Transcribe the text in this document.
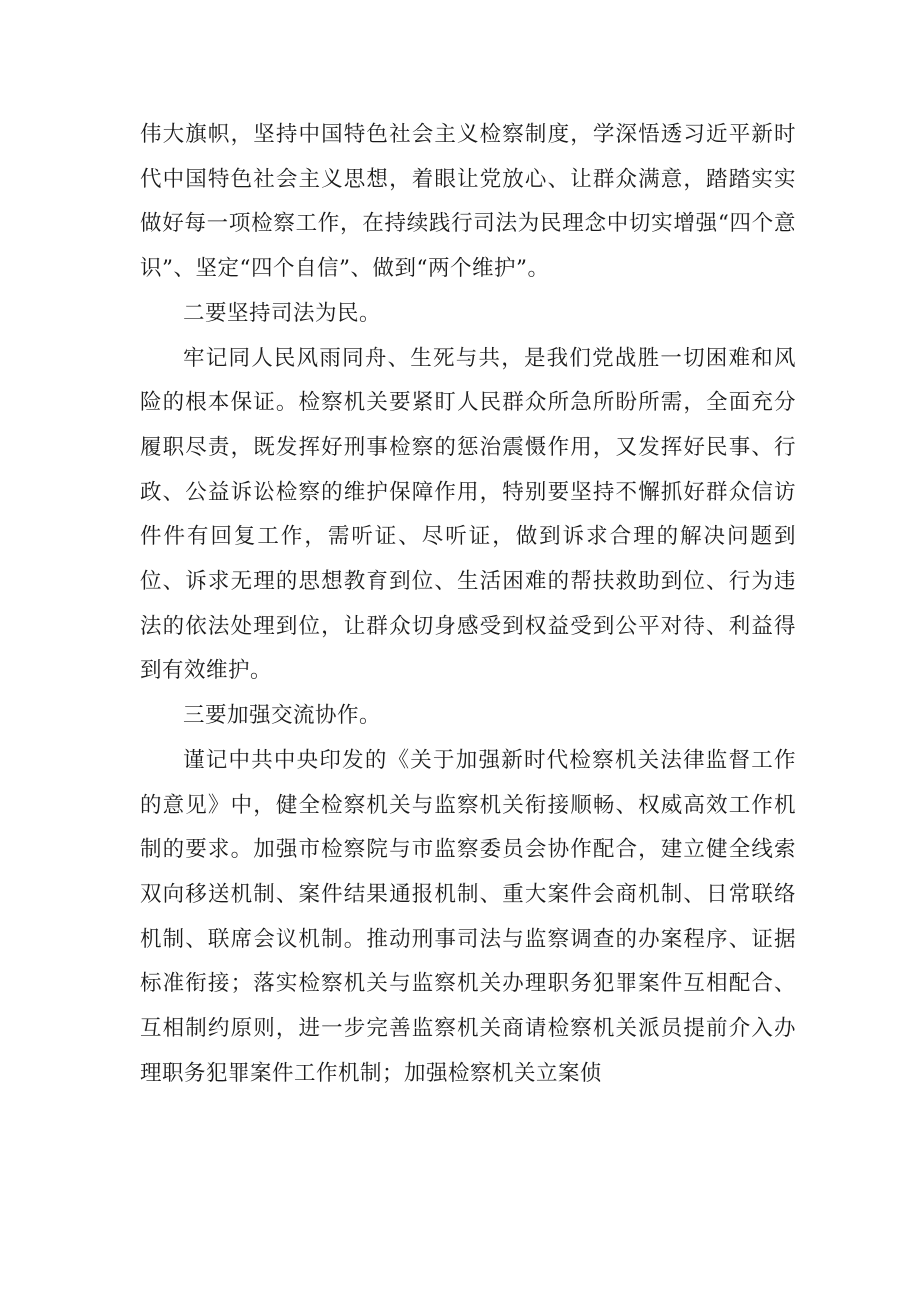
伟大旗帜，坚持中国特色社会主义检察制度，学深悟透习近平新时代中国特色社会主义思想，着眼让党放心、让群众满意，踏踏实实做好每一项检察工作，在持续践行司法为民理念中切实增强“四个意识”、坚定“四个自信”、做到“两个维护”。

二要坚持司法为民。

牢记同人民风雨同舟、生死与共，是我们党战胜一切困难和风险的根本保证。检察机关要紧盯人民群众所急所盼所需，全面充分履职尽责，既发挥好刑事检察的惩治震慑作用，又发挥好民事、行政、公益诉讼检察的维护保障作用，特别要坚持不懈抓好群众信访件件有回复工作，需听证、尽听证，做到诉求合理的解决问题到位、诉求无理的思想教育到位、生活困难的帮扶救助到位、行为违法的依法处理到位，让群众切身感受到权益受到公平对待、利益得到有效维护。

三要加强交流协作。

谨记中共中央印发的《关于加强新时代检察机关法律监督工作的意见》中，健全检察机关与监察机关衔接顺畅、权威高效工作机制的要求。加强市检察院与市监察委员会协作配合，建立健全线索双向移送机制、案件结果通报机制、重大案件会商机制、日常联络机制、联席会议机制。推动刑事司法与监察调查的办案程序、证据标准衔接；落实检察机关与监察机关办理职务犯罪案件互相配合、互相制约原则，进一步完善监察机关商请检察机关派员提前介入办理职务犯罪案件工作机制；加强检察机关立案侦
